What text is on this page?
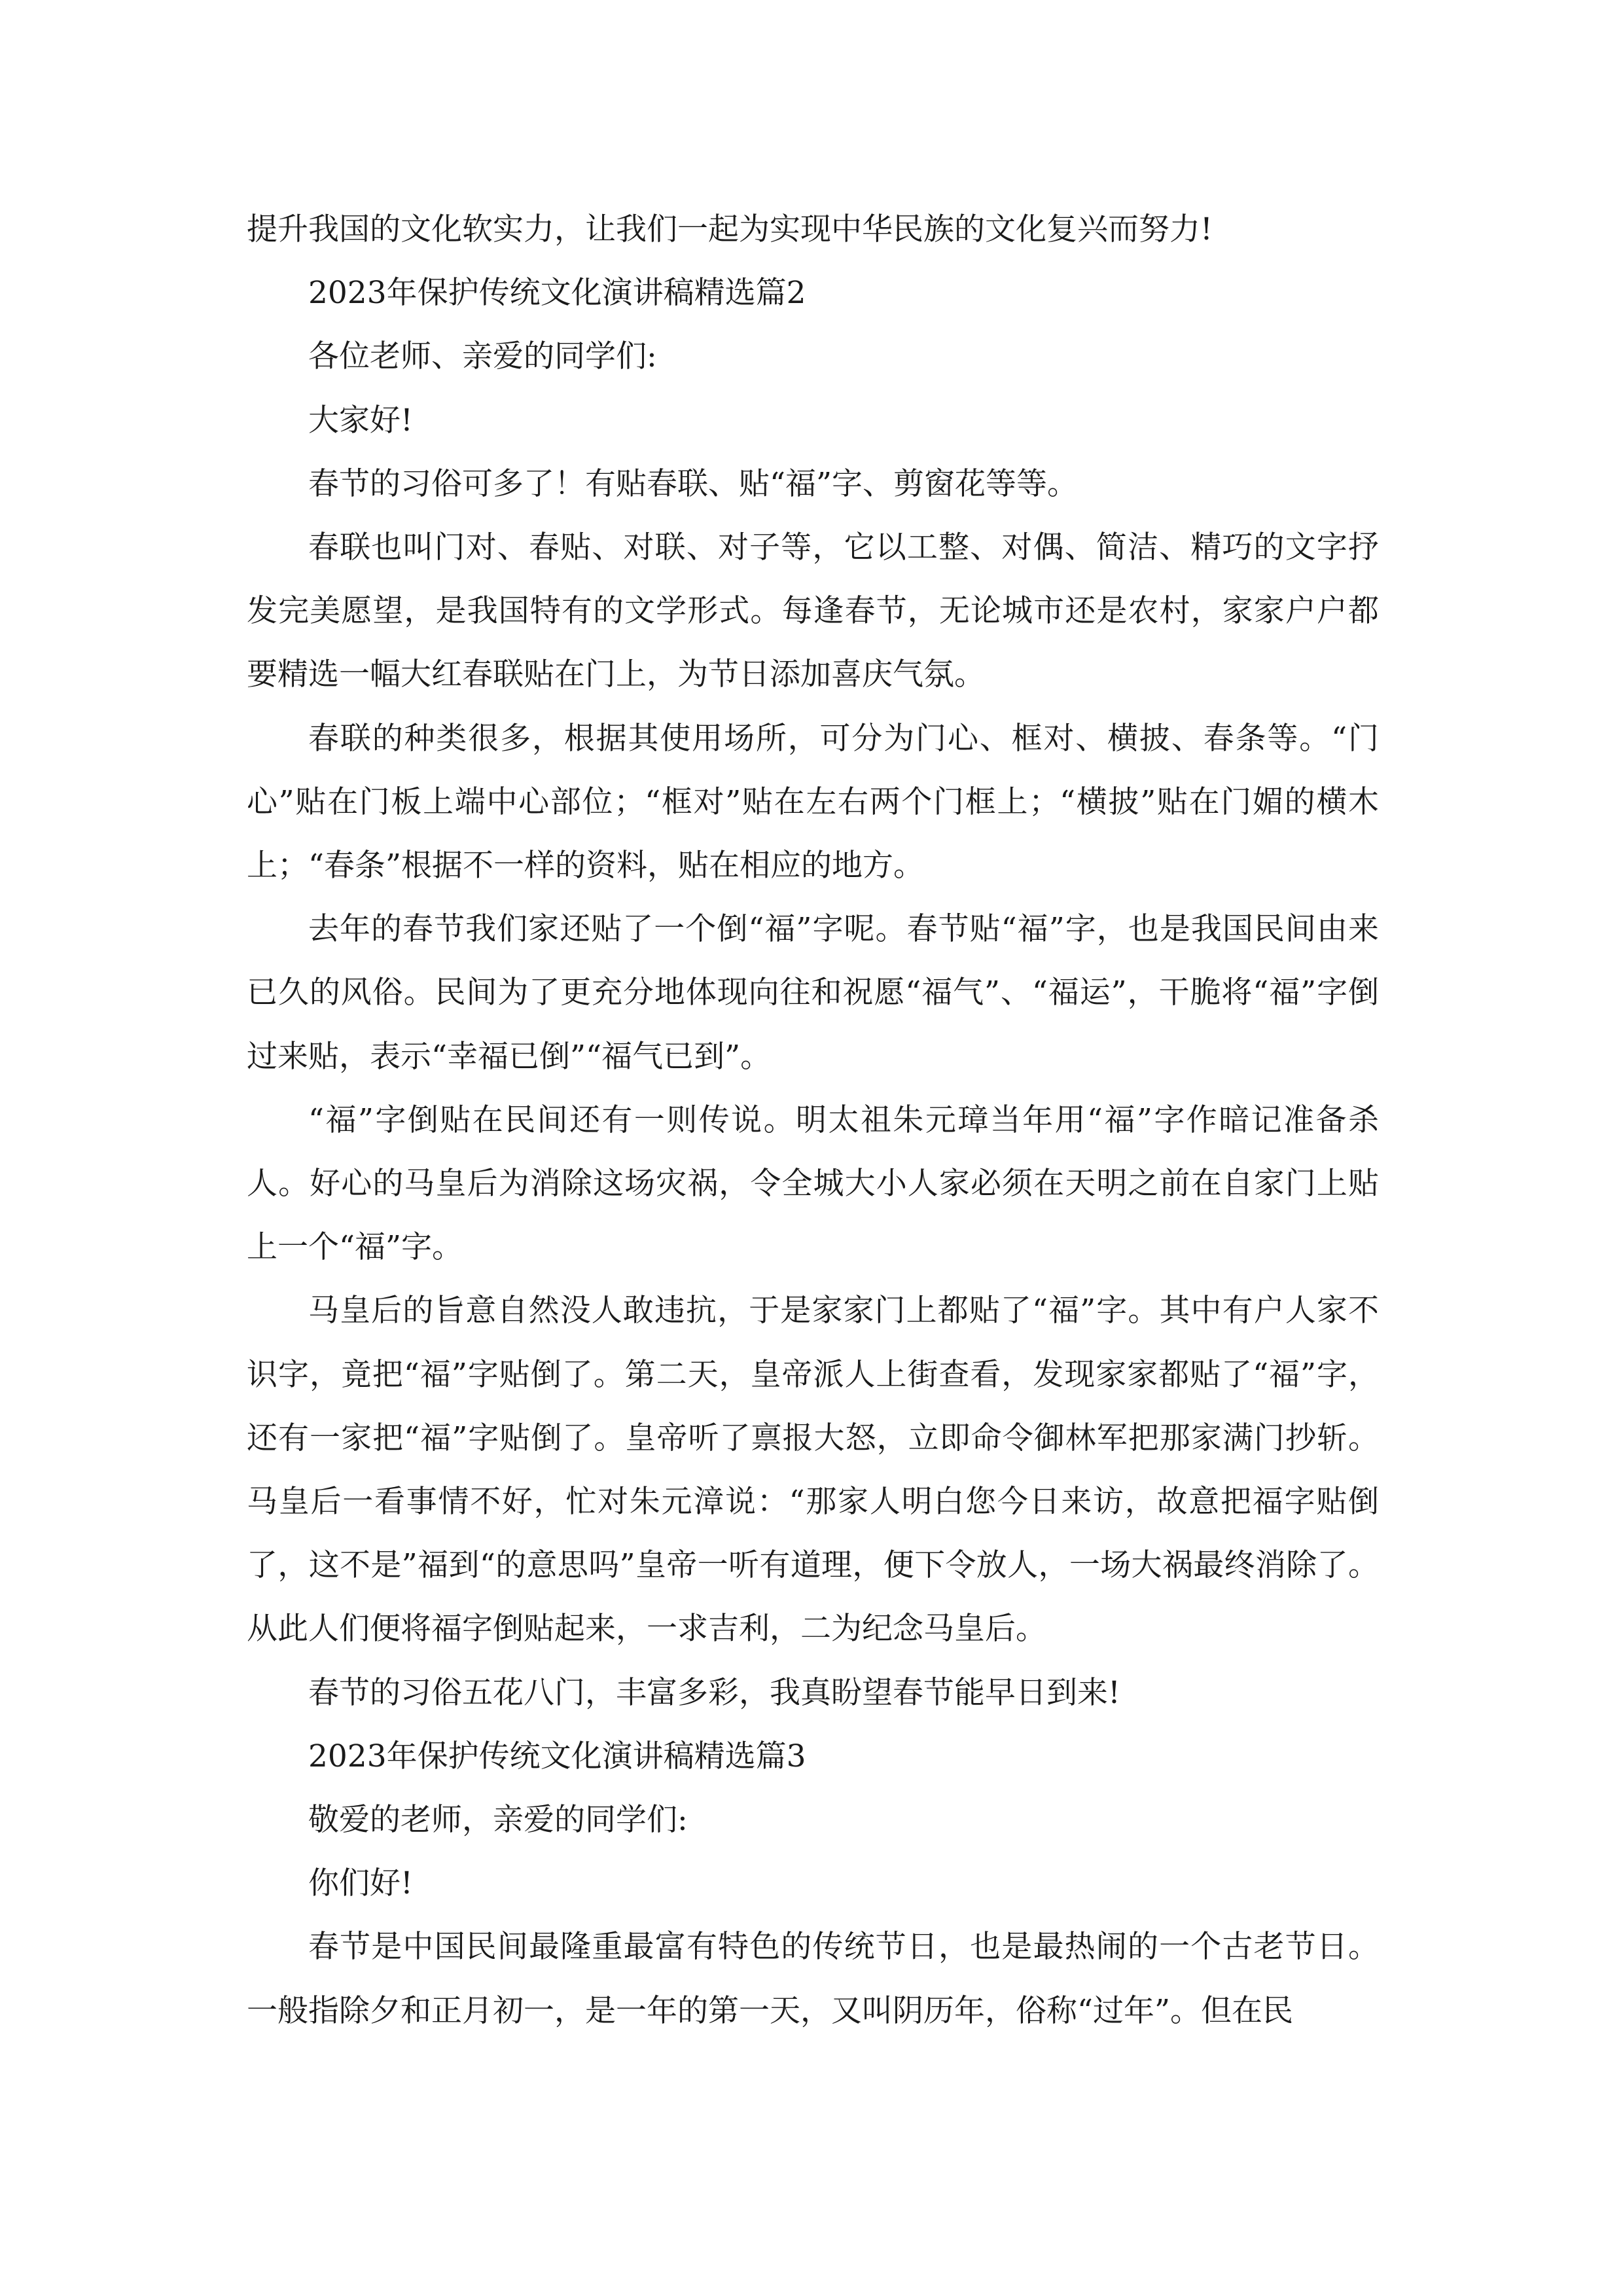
提升我国的文化软实力，让我们一起为实现中华民族的文化复兴而努力!

2023年保护传统文化演讲稿精选篇2

各位老师、亲爱的同学们:

大家好!

春节的习俗可多了！有贴春联、贴“福”字、剪窗花等等。

春联也叫门对、春贴、对联、对子等，它以工整、对偶、简洁、精巧的文字抒发完美愿望，是我国特有的文学形式。每逢春节，无论城市还是农村，家家户户都要精选一幅大红春联贴在门上，为节日添加喜庆气氛。

春联的种类很多，根据其使用场所，可分为门心、框对、横披、春条等。“门心”贴在门板上端中心部位；“框对”贴在左右两个门框上；“横披”贴在门媚的横木上；“春条”根据不一样的资料，贴在相应的地方。

去年的春节我们家还贴了一个倒“福”字呢。春节贴“福”字，也是我国民间由来已久的风俗。民间为了更充分地体现向往和祝愿“福气”、“福运”，干脆将“福”字倒过来贴，表示“幸福已倒”“福气已到”。

“福”字倒贴在民间还有一则传说。明太祖朱元璋当年用“福”字作暗记准备杀人。好心的马皇后为消除这场灾祸，令全城大小人家必须在天明之前在自家门上贴上一个“福”字。

马皇后的旨意自然没人敢违抗，于是家家门上都贴了“福”字。其中有户人家不识字，竟把“福”字贴倒了。第二天，皇帝派人上街查看，发现家家都贴了“福”字，还有一家把“福”字贴倒了。皇帝听了禀报大怒，立即命令御林军把那家满门抄斩。马皇后一看事情不好，忙对朱元漳说：“那家人明白您今日来访，故意把福字贴倒了，这不是”福到“的意思吗”皇帝一听有道理，便下令放人，一场大祸最终消除了。从此人们便将福字倒贴起来，一求吉利，二为纪念马皇后。

春节的习俗五花八门，丰富多彩，我真盼望春节能早日到来!

2023年保护传统文化演讲稿精选篇3

敬爱的老师，亲爱的同学们:

你们好!

春节是中国民间最隆重最富有特色的传统节日，也是最热闹的一个古老节日。一般指除夕和正月初一，是一年的第一天，又叫阴历年，俗称“过年”。但在民
